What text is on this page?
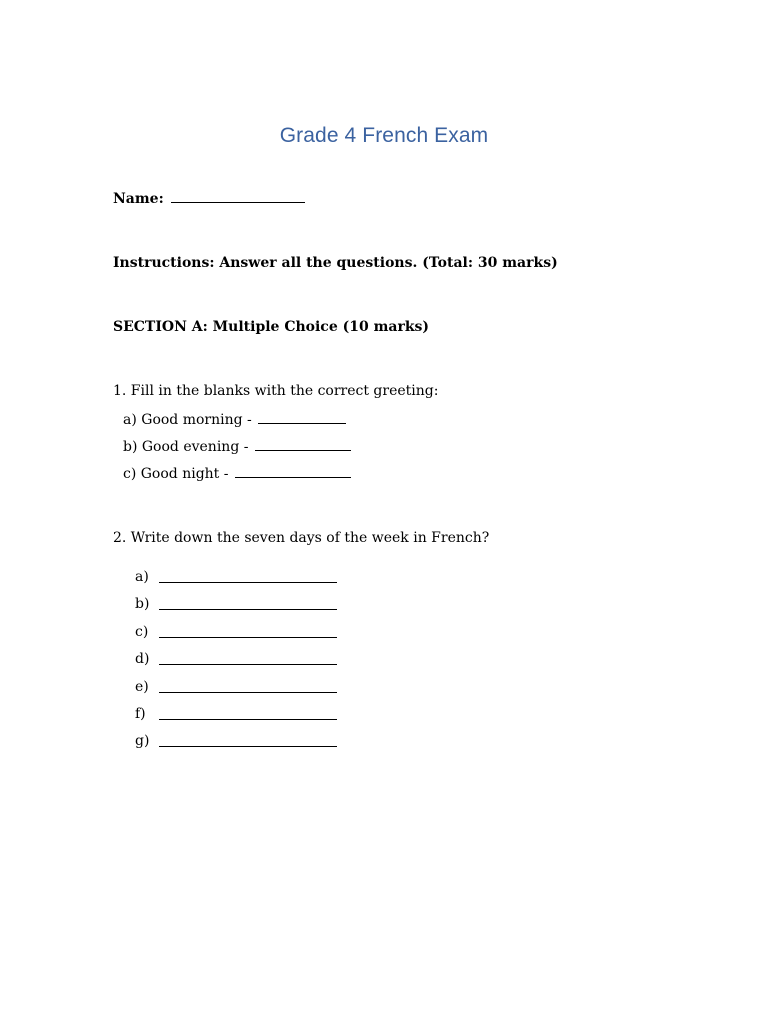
Grade 4 French Exam
Name:
Instructions: Answer all the questions. (Total: 30 marks)
SECTION A: Multiple Choice (10 marks)
1. Fill in the blanks with the correct greeting:
a) Good morning -
b) Good evening -
c) Good night -
2. Write down the seven days of the week in French?
a)
b)
c)
d)
e)
f)
g)
